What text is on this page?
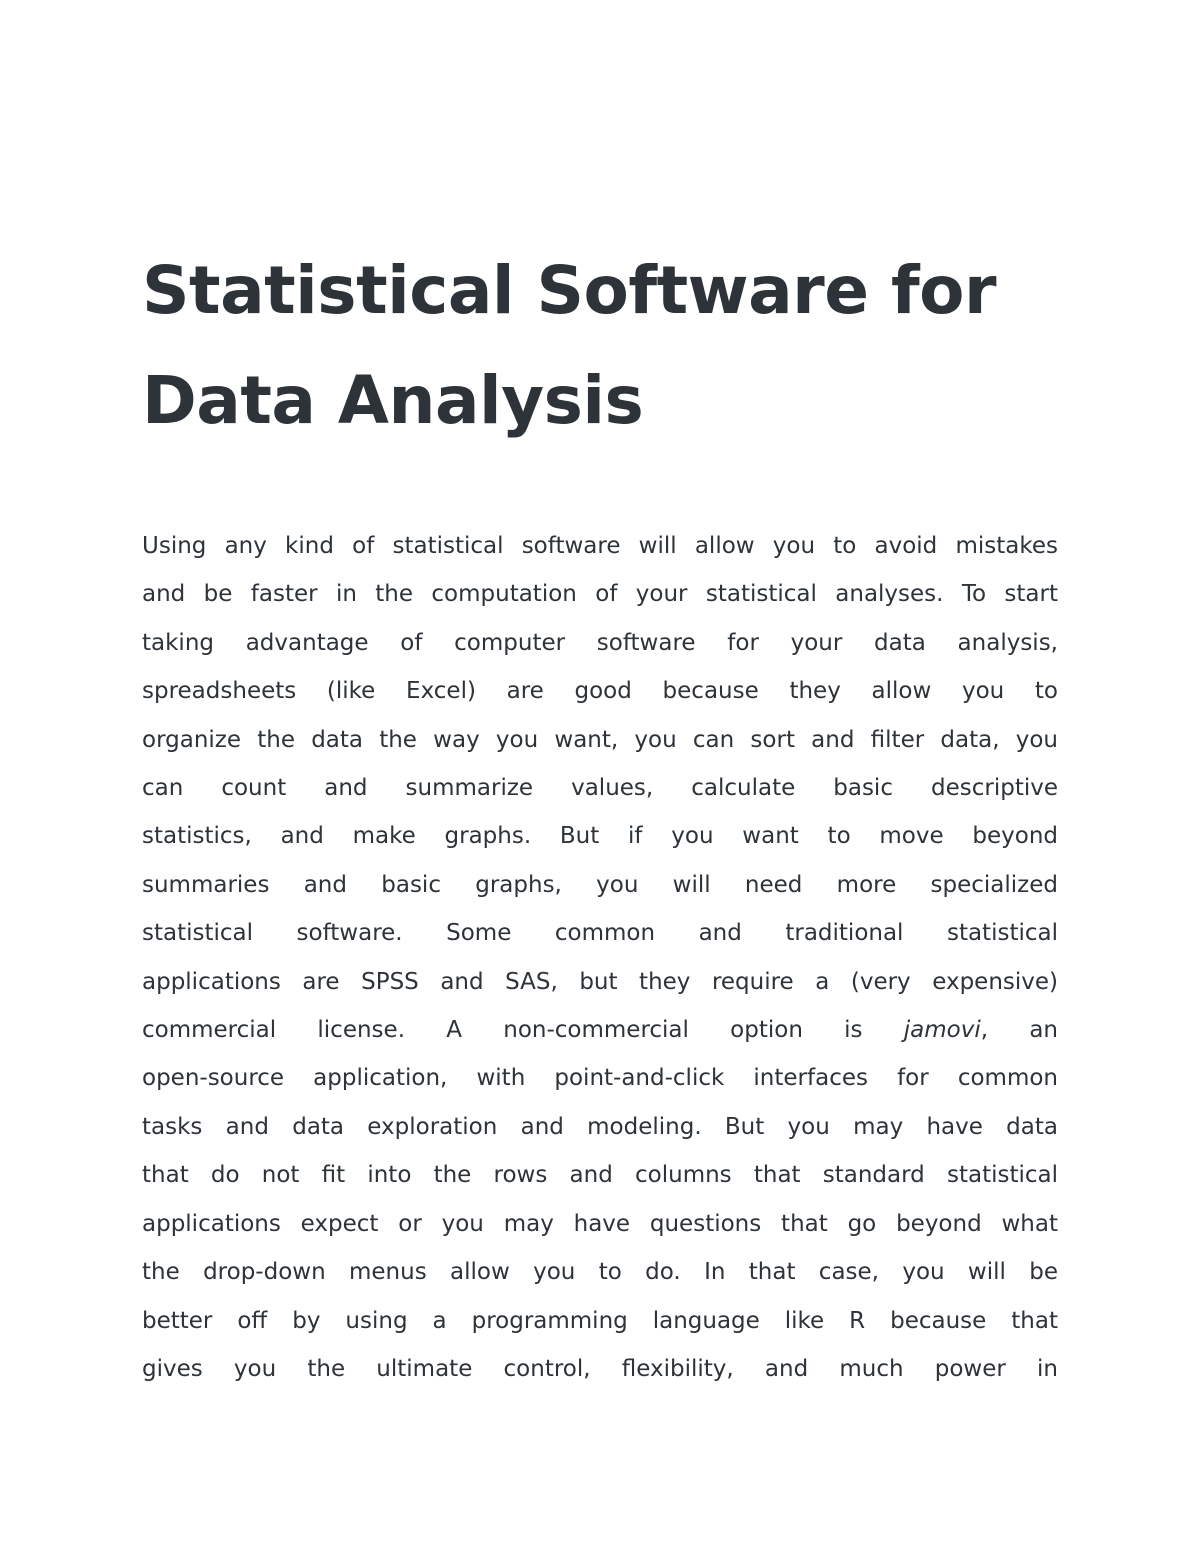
Statistical Software for
Data Analysis
Using any kind of statistical software will allow you to avoid mistakes
and be faster in the computation of your statistical analyses. To start
taking advantage of computer software for your data analysis,
spreadsheets (like Excel) are good because they allow you to
organize the data the way you want, you can sort and filter data, you
can count and summarize values, calculate basic descriptive
statistics, and make graphs. But if you want to move beyond
summaries and basic graphs, you will need more specialized
statistical software. Some common and traditional statistical
applications are SPSS and SAS, but they require a (very expensive)
commercial license. A non-commercial option is jamovi, an
open-source application, with point-and-click interfaces for common
tasks and data exploration and modeling. But you may have data
that do not fit into the rows and columns that standard statistical
applications expect or you may have questions that go beyond what
the drop-down menus allow you to do. In that case, you will be
better off by using a programming language like R because that
gives you the ultimate control, flexibility, and much power in
